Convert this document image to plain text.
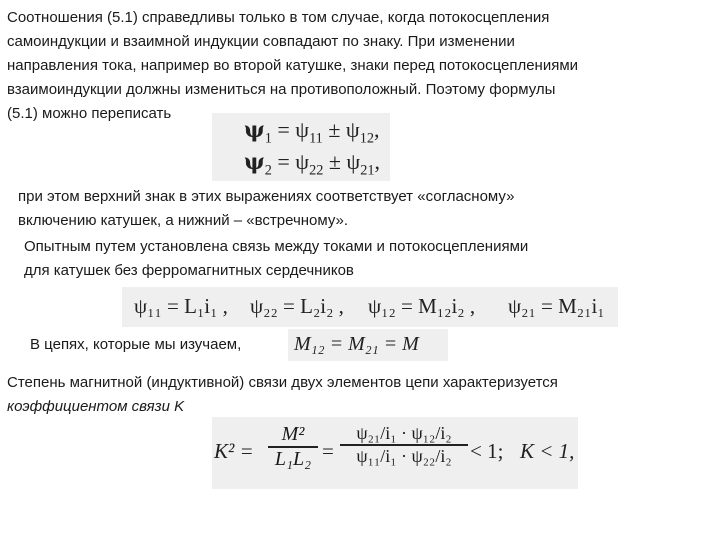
Соотношения (5.1) справедливы только в том случае, когда потокосцепления
самоиндукции и взаимной индукции совпадают по знаку. При изменении
направления тока, например во второй катушке, знаки перед потокосцеплениями
взаимоиндукции должны измениться на противоположный. Поэтому формулы
(5.1) можно переписать
$\psi_1 = \psi_{11} \pm \psi_{12}$,
$\psi_2 = \psi_{22} \pm \psi_{21}$,
при этом верхний знак в этих выражениях соответствует «согласному»
включению катушек, а нижний – «встречному».
Опытным путем установлена связь между токами и потокосцеплениями
для катушек без ферромагнитных сердечников
ψ₁₁ = L₁i₁ , ψ₂₂ = L₂i₂ , ψ₁₂ = M₁₂i₂ , ψ₂₁ = M₂₁i₁
В цепях, которые мы изучаем,	M₁₂ = M₂₁ = M
Степень магнитной (индуктивной) связи двух элементов цепи характеризуется
коэффициентом связи K
K² =
M²
L₁L₂ =
ψ₂₁/i₁ · ψ₁₂/i₂
ψ₁₁/i₁ · ψ₂₂/i₂ < 1; K < 1,
